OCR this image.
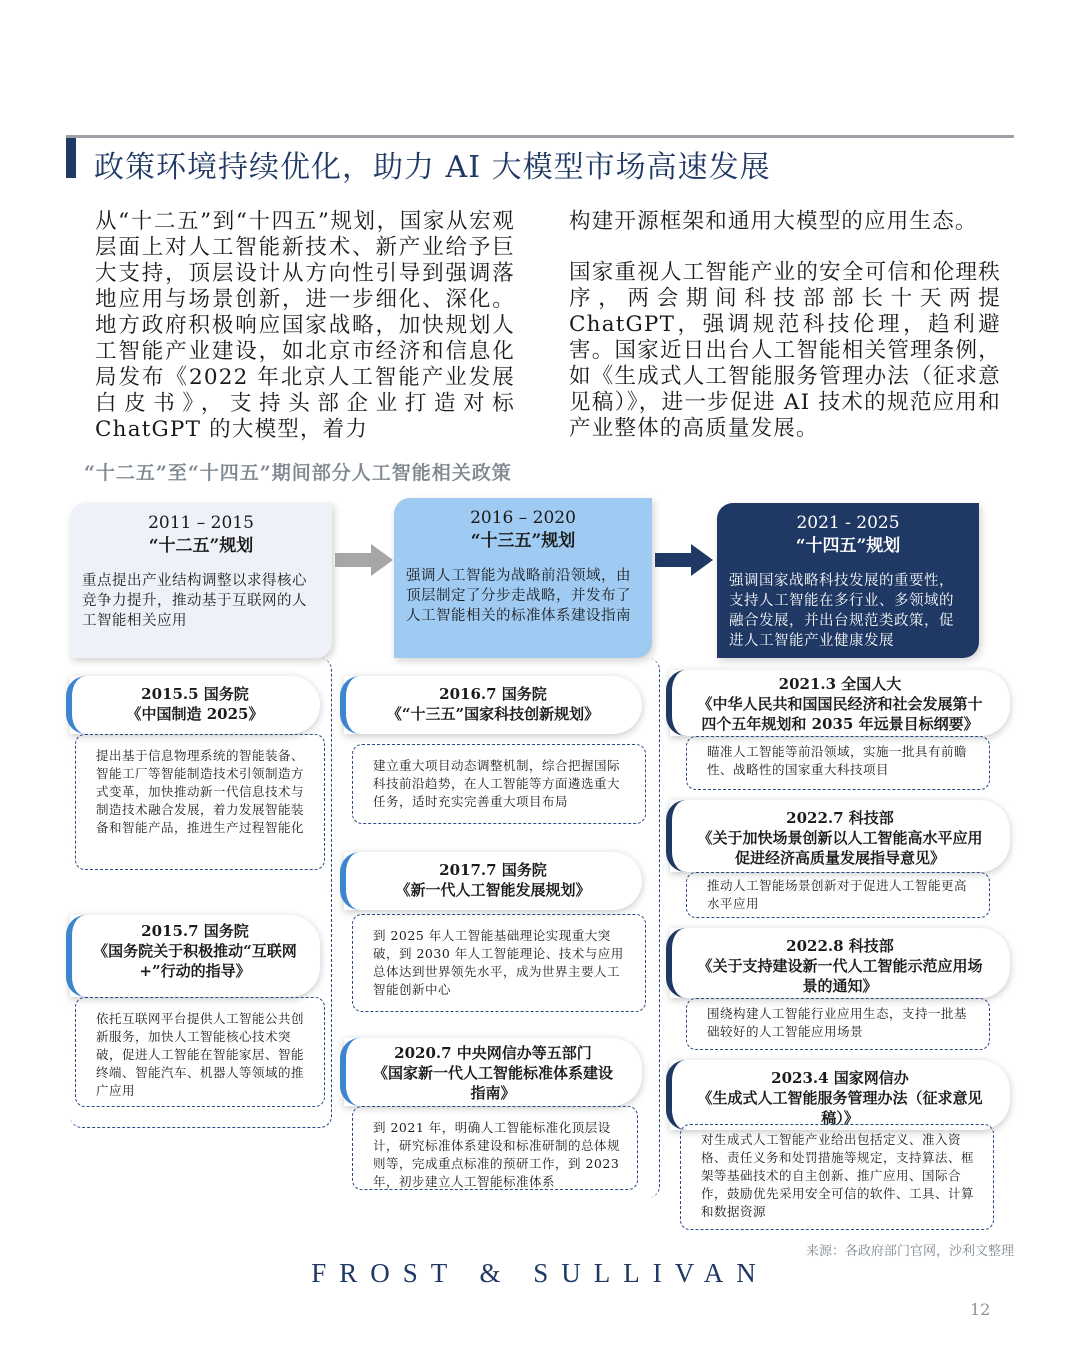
政策环境持续优化，助力 AI 大模型市场高速发展
从“十二五”到“十四五”规划，国家从宏观层面上对人工智能新技术、新产业给予巨大支持，顶层设计从方向性引导到强调落地应用与场景创新，进一步细化、深化。地方政府积极响应国家战略，加快规划人工智能产业建设，如北京市经济和信息化局发布《2022 年北京人工智能产业发展白皮书》，支持头部企业打造对标 ChatGPT 的大模型，着力
构建开源框架和通用大模型的应用生态。
国家重视人工智能产业的安全可信和伦理秩序，两会期间科技部部长十天两提ChatGPT，强调规范科技伦理，趋利避害。国家近日出台人工智能相关管理条例，如《生成式人工智能服务管理办法（征求意见稿）》，进一步促进 AI 技术的规范应用和产业整体的高质量发展。
“十二五”至“十四五”期间部分人工智能相关政策
2011 – 2015
“十二五”规划
重点提出产业结构调整以求得核心竞争力提升，推动基于互联网的人工智能相关应用
2016 – 2020
“十三五”规划
强调人工智能为战略前沿领域，由顶层制定了分步走战略，并发布了人工智能相关的标准体系建设指南
2021 - 2025
“十四五”规划
强调国家战略科技发展的重要性，支持人工智能在多行业、多领域的融合发展，并出台规范类政策，促进人工智能产业健康发展
2015.5 国务院
《中国制造 2025》
提出基于信息物理系统的智能装备、智能工厂等智能制造技术引领制造方式变革，加快推动新一代信息技术与制造技术融合发展，着力发展智能装备和智能产品，推进生产过程智能化
2015.7 国务院
《国务院关于积极推动“互联网+”行动的指导》
依托互联网平台提供人工智能公共创新服务，加快人工智能核心技术突破，促进人工智能在智能家居、智能终端、智能汽车、机器人等领域的推广应用
2016.7 国务院
《“十三五”国家科技创新规划》
建立重大项目动态调整机制，综合把握国际科技前沿趋势，在人工智能等方面遴选重大任务，适时充实完善重大项目布局
2017.7 国务院
《新一代人工智能发展规划》
到 2025 年人工智能基础理论实现重大突破，到 2030 年人工智能理论、技术与应用总体达到世界领先水平，成为世界主要人工智能创新中心
2020.7 中央网信办等五部门
《国家新一代人工智能标准体系建设指南》
到 2021 年，明确人工智能标准化顶层设计，研究标准体系建设和标准研制的总体规则等，完成重点标准的预研工作，到 2023 年，初步建立人工智能标准体系
2021.3 全国人大
《中华人民共和国国民经济和社会发展第十四个五年规划和 2035 年远景目标纲要》
瞄准人工智能等前沿领域，实施一批具有前瞻性、战略性的国家重大科技项目
2022.7 科技部
《关于加快场景创新以人工智能高水平应用促进经济高质量发展指导意见》
推动人工智能场景创新对于促进人工智能更高水平应用
2022.8 科技部
《关于支持建设新一代人工智能示范应用场景的通知》
围绕构建人工智能行业应用生态，支持一批基础较好的人工智能应用场景
2023.4 国家网信办
《生成式人工智能服务管理办法（征求意见稿）》
对生成式人工智能产业给出包括定义、准入资格、责任义务和处罚措施等规定，支持算法、框架等基础技术的自主创新、推广应用、国际合作，鼓励优先采用安全可信的软件、工具、计算和数据资源
来源：各政府部门官网，沙利文整理
FROST & SULLIVAN
12
